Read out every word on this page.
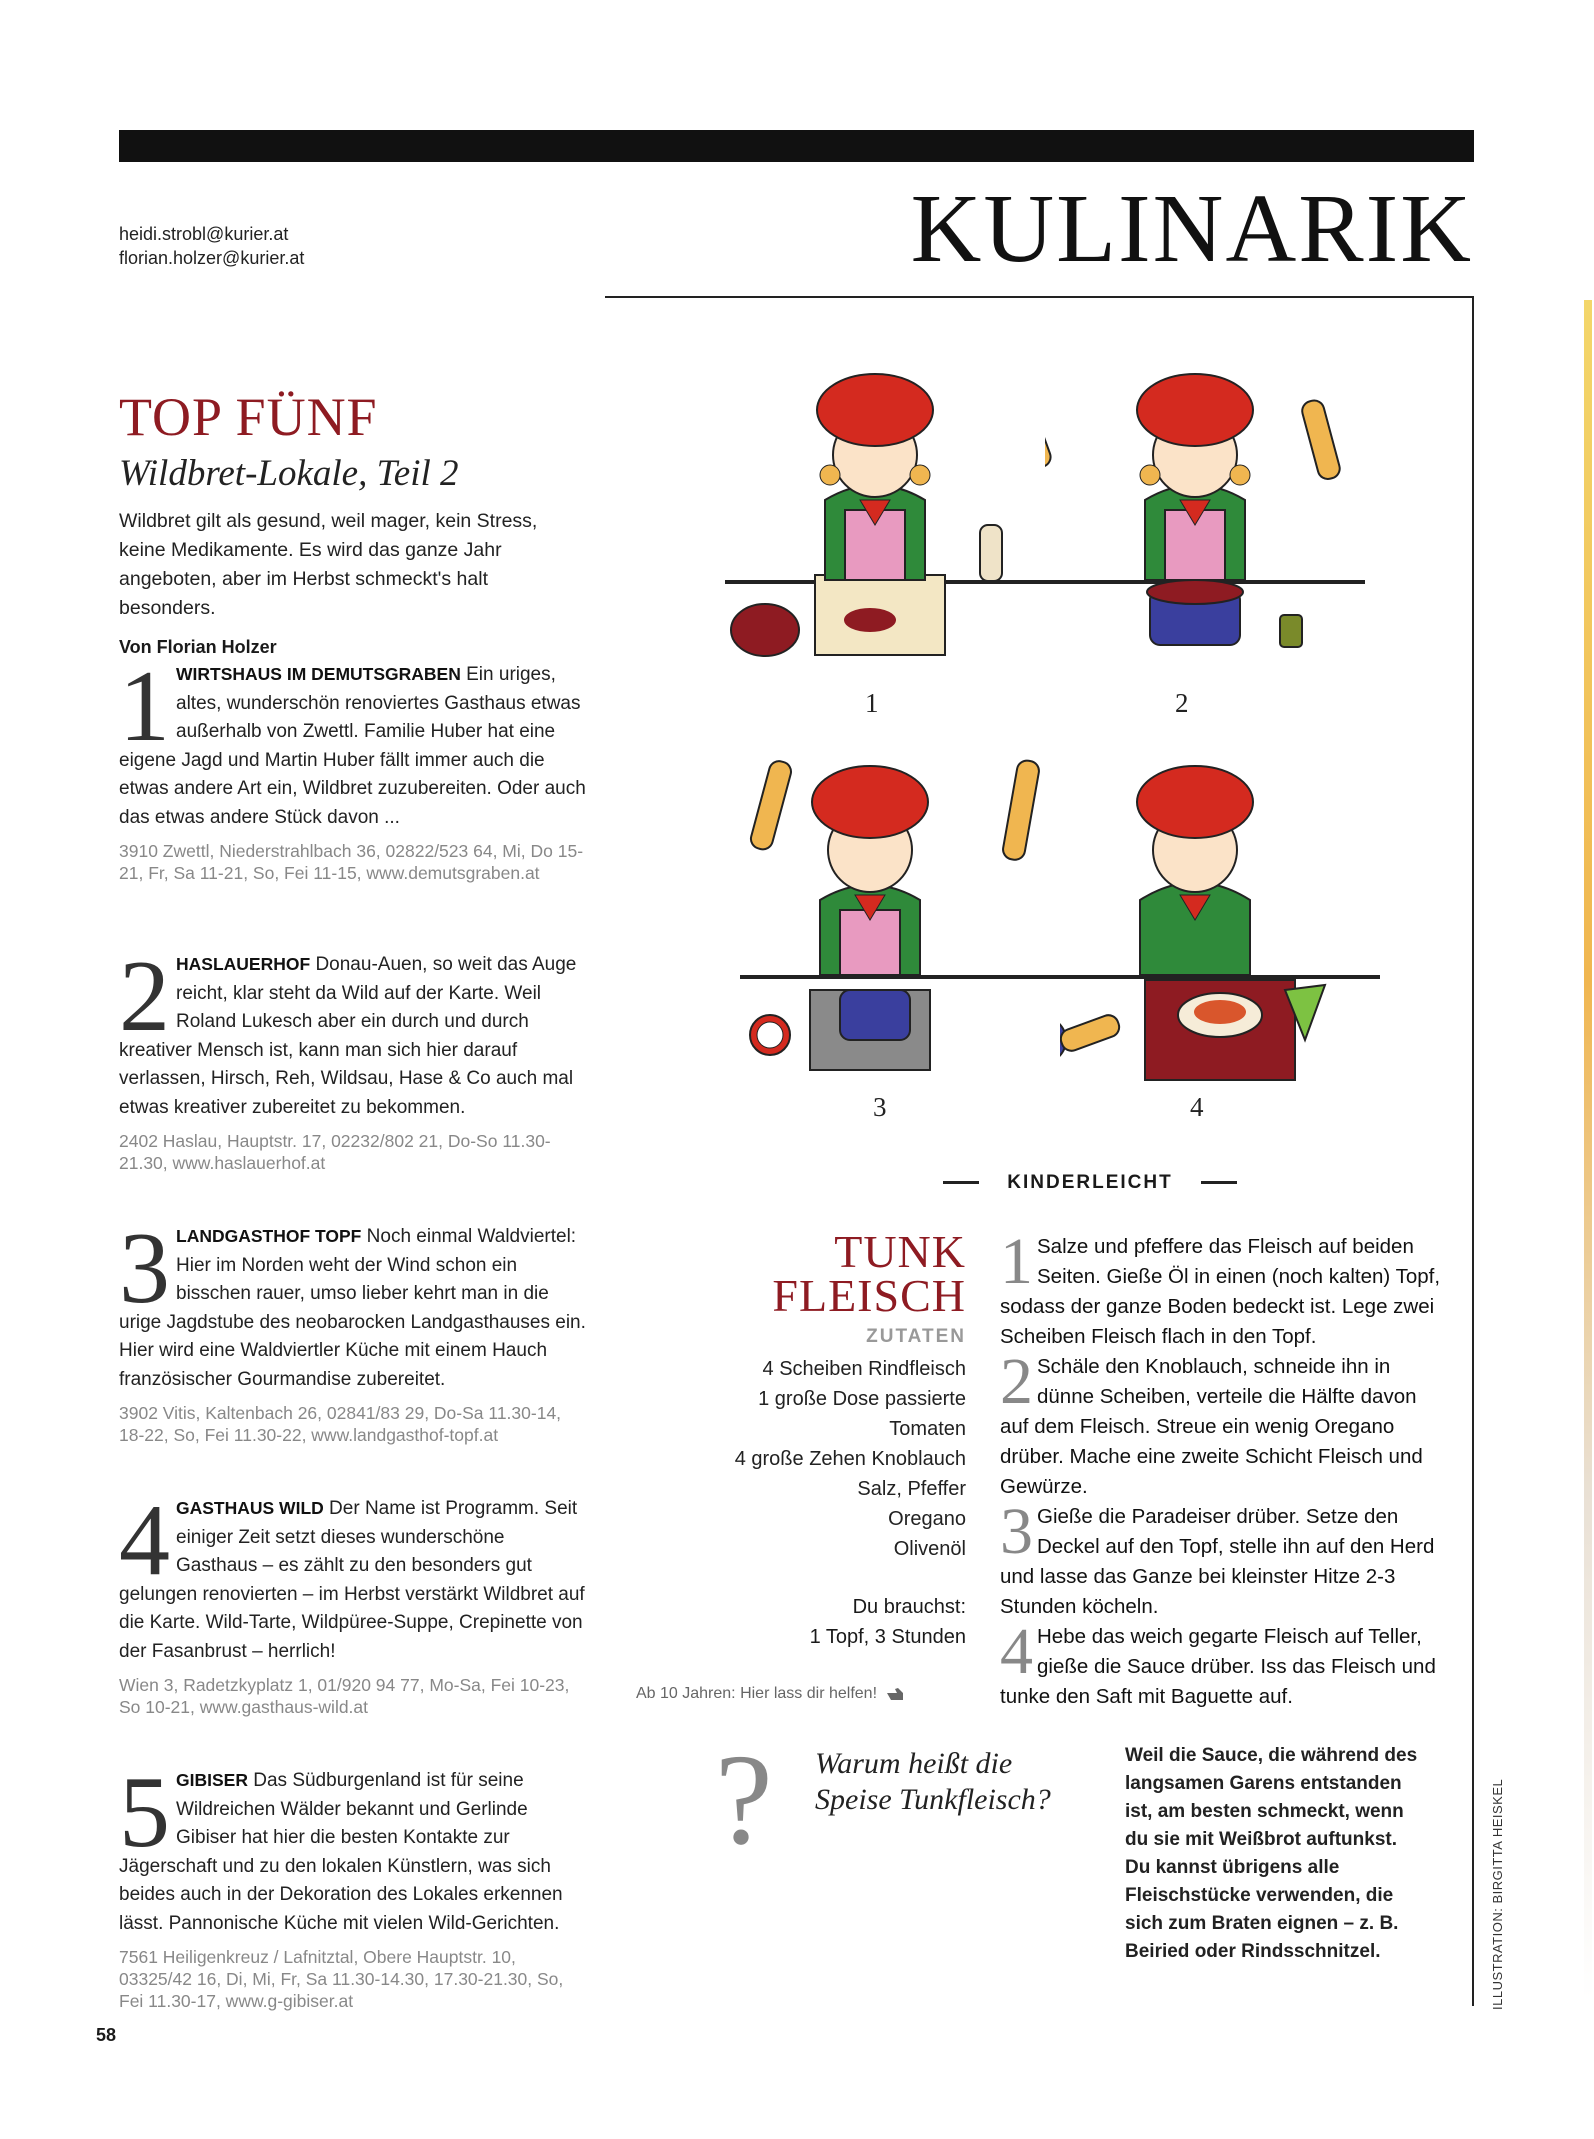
heidi.strobl@kurier.at
florian.holzer@kurier.at	KULINARIK
TOP FÜNF
Wildbret-Lokale, Teil 2
Wildbret gilt als gesund, weil mager, kein Stress, keine Medikamente. Es wird das ganze Jahr angeboten, aber im Herbst schmeckt's halt besonders.
Von Florian Holzer
1 WIRTSHAUS IM DEMUTSGRABEN Ein uriges, altes, wunderschön renoviertes Gasthaus etwas außerhalb von Zwettl. Familie Huber hat eine eigene Jagd und Martin Huber fällt immer auch die etwas andere Art ein, Wildbret zuzubereiten. Oder auch das etwas andere Stück davon ...
3910 Zwettl, Niederstrahlbach 36, 02822/523 64, Mi, Do 15-21, Fr, Sa 11-21, So, Fei 11-15, www.demutsgraben.at
2 HASLAUERHOF Donau-Auen, so weit das Auge reicht, klar steht da Wild auf der Karte. Weil Roland Lukesch aber ein durch und durch kreativer Mensch ist, kann man sich hier darauf verlassen, Hirsch, Reh, Wildsau, Hase & Co auch mal etwas kreativer zubereitet zu bekommen.
2402 Haslau, Hauptstr. 17, 02232/802 21, Do-So 11.30-21.30, www.haslauerhof.at
3 LANDGASTHOF TOPF Noch einmal Waldviertel: Hier im Norden weht der Wind schon ein bisschen rauer, umso lieber kehrt man in die urige Jagdstube des neobarocken Landgasthauses ein. Hier wird eine Waldviertler Küche mit einem Hauch französischer Gourmandise zubereitet.
3902 Vitis, Kaltenbach 26, 02841/83 29, Do-Sa 11.30-14, 18-22, So, Fei 11.30-22, www.landgasthof-topf.at
4 GASTHAUS WILD Der Name ist Programm. Seit einiger Zeit setzt dieses wunderschöne Gasthaus – es zählt zu den besonders gut gelungen renovierten – im Herbst verstärkt Wildbret auf die Karte. Wild-Tarte, Wildpüree-Suppe, Crepinette von der Fasanbrust – herrlich!
Wien 3, Radetzkyplatz 1, 01/920 94 77, Mo-Sa, Fei 10-23, So 10-21, www.gasthaus-wild.at
5 GIBISER Das Südburgenland ist für seine Wildreichen Wälder bekannt und Gerlinde Gibiser hat hier die besten Kontakte zur Jägerschaft und zu den lokalen Künstlern, was sich beides auch in der Dekoration des Lokales erkennen lässt. Pannonische Küche mit vielen Wild-Gerichten.
7561 Heiligenkreuz / Lafnitztal, Obere Hauptstr. 10, 03325/42 16, Di, Mi, Fr, Sa 11.30-14.30, 17.30-21.30, So, Fei 11.30-17, www.g-gibiser.at
1	2
3	4
KINDERLEICHT
TUNK
FLEISCH
ZUTATEN
4 Scheiben Rindfleisch
1 große Dose passierte
Tomaten
4 große Zehen Knoblauch
Salz, Pfeffer
Oregano
Olivenöl
Du brauchst:
1 Topf, 3 Stunden
Ab 10 Jahren: Hier lass dir helfen!
1 Salze und pfeffere das Fleisch auf beiden Seiten. Gieße Öl in einen (noch kalten) Topf, sodass der ganze Boden bedeckt ist. Lege zwei Scheiben Fleisch flach in den Topf.
2 Schäle den Knoblauch, schneide ihn in dünne Scheiben, verteile die Hälfte davon auf dem Fleisch. Streue ein wenig Oregano drüber. Mache eine zweite Schicht Fleisch und Gewürze.
3 Gieße die Paradeiser drüber. Setze den Deckel auf den Topf, stelle ihn auf den Herd und lasse das Ganze bei kleinster Hitze 2-3 Stunden köcheln.
4 Hebe das weich gegarte Fleisch auf Teller, gieße die Sauce drüber. Iss das Fleisch und tunke den Saft mit Baguette auf.
? Warum heißt die Speise Tunkfleisch?
Weil die Sauce, die während des langsamen Garens entstanden ist, am besten schmeckt, wenn du sie mit Weißbrot auftunkst. Du kannst übrigens alle Fleischstücke verwenden, die sich zum Braten eignen – z. B. Beiried oder Rindsschnitzel.	ILLUSTRATION: BIRGITTA HEISKEL
58
